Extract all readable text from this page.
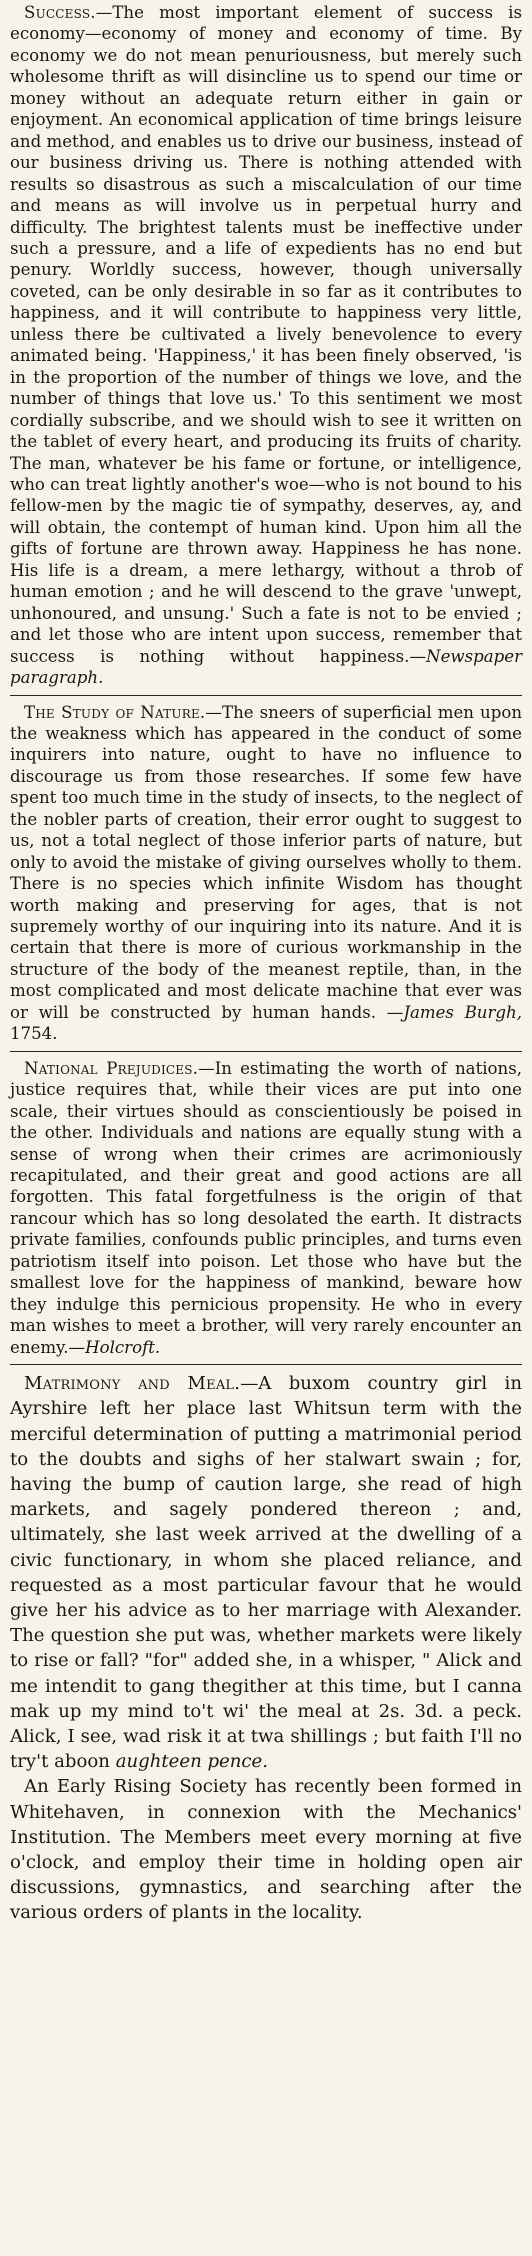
Success.—The most important element of success is economy—economy of money and economy of time. By economy we do not mean penuriousness, but merely such wholesome thrift as will disincline us to spend our time or money without an adequate return either in gain or enjoyment. An economical application of time brings leisure and method, and enables us to drive our business, instead of our business driving us. There is nothing attended with results so disastrous as such a miscalculation of our time and means as will involve us in perpetual hurry and difficulty. The brightest talents must be ineffective under such a pressure, and a life of expedients has no end but penury. Worldly success, however, though universally coveted, can be only desirable in so far as it contributes to happiness, and it will contribute to happiness very little, unless there be cultivated a lively benevolence to every animated being. 'Happiness,' it has been finely observed, 'is in the proportion of the number of things we love, and the number of things that love us.' To this sentiment we most cordially subscribe, and we should wish to see it written on the tablet of every heart, and producing its fruits of charity. The man, whatever be his fame or fortune, or intelligence, who can treat lightly another's woe—who is not bound to his fellow-men by the magic tie of sympathy, deserves, ay, and will obtain, the contempt of human kind. Upon him all the gifts of fortune are thrown away. Happiness he has none. His life is a dream, a mere lethargy, without a throb of human emotion ; and he will descend to the grave 'unwept, unhonoured, and unsung.' Such a fate is not to be envied ; and let those who are intent upon success, remember that success is nothing without happiness.—Newspaper paragraph.

The Study of Nature.—The sneers of superficial men upon the weakness which has appeared in the conduct of some inquirers into nature, ought to have no influence to discourage us from those researches. If some few have spent too much time in the study of insects, to the neglect of the nobler parts of creation, their error ought to suggest to us, not a total neglect of those inferior parts of nature, but only to avoid the mistake of giving ourselves wholly to them. There is no species which infinite Wisdom has thought worth making and preserving for ages, that is not supremely worthy of our inquiring into its nature. And it is certain that there is more of curious workmanship in the structure of the body of the meanest reptile, than, in the most complicated and most delicate machine that ever was or will be constructed by human hands. —James Burgh, 1754.

National Prejudices.—In estimating the worth of nations, justice requires that, while their vices are put into one scale, their virtues should as conscientiously be poised in the other. Individuals and nations are equally stung with a sense of wrong when their crimes are acrimoniously recapitulated, and their great and good actions are all forgotten. This fatal forgetfulness is the origin of that rancour which has so long desolated the earth. It distracts private families, confounds public principles, and turns even patriotism itself into poison. Let those who have but the smallest love for the happiness of mankind, beware how they indulge this pernicious propensity. He who in every man wishes to meet a brother, will very rarely encounter an enemy.—Holcroft.

Matrimony and Meal.—A buxom country girl in Ayrshire left her place last Whitsun term with the merciful determination of putting a matrimonial period to the doubts and sighs of her stalwart swain ; for, having the bump of caution large, she read of high markets, and sagely pondered thereon ; and, ultimately, she last week arrived at the dwelling of a civic functionary, in whom she placed reliance, and requested as a most particular favour that he would give her his advice as to her marriage with Alexander. The question she put was, whether markets were likely to rise or fall? "for" added she, in a whisper, " Alick and me intendit to gang thegither at this time, but I canna mak up my mind to't wi' the meal at 2s. 3d. a peck. Alick, I see, wad risk it at twa shillings ; but faith I'll no try't aboon aughteen pence.

An Early Rising Society has recently been formed in Whitehaven, in connexion with the Mechanics' Institution. The Members meet every morning at five o'clock, and employ their time in holding open air discussions, gymnastics, and searching after the various orders of plants in the locality.
